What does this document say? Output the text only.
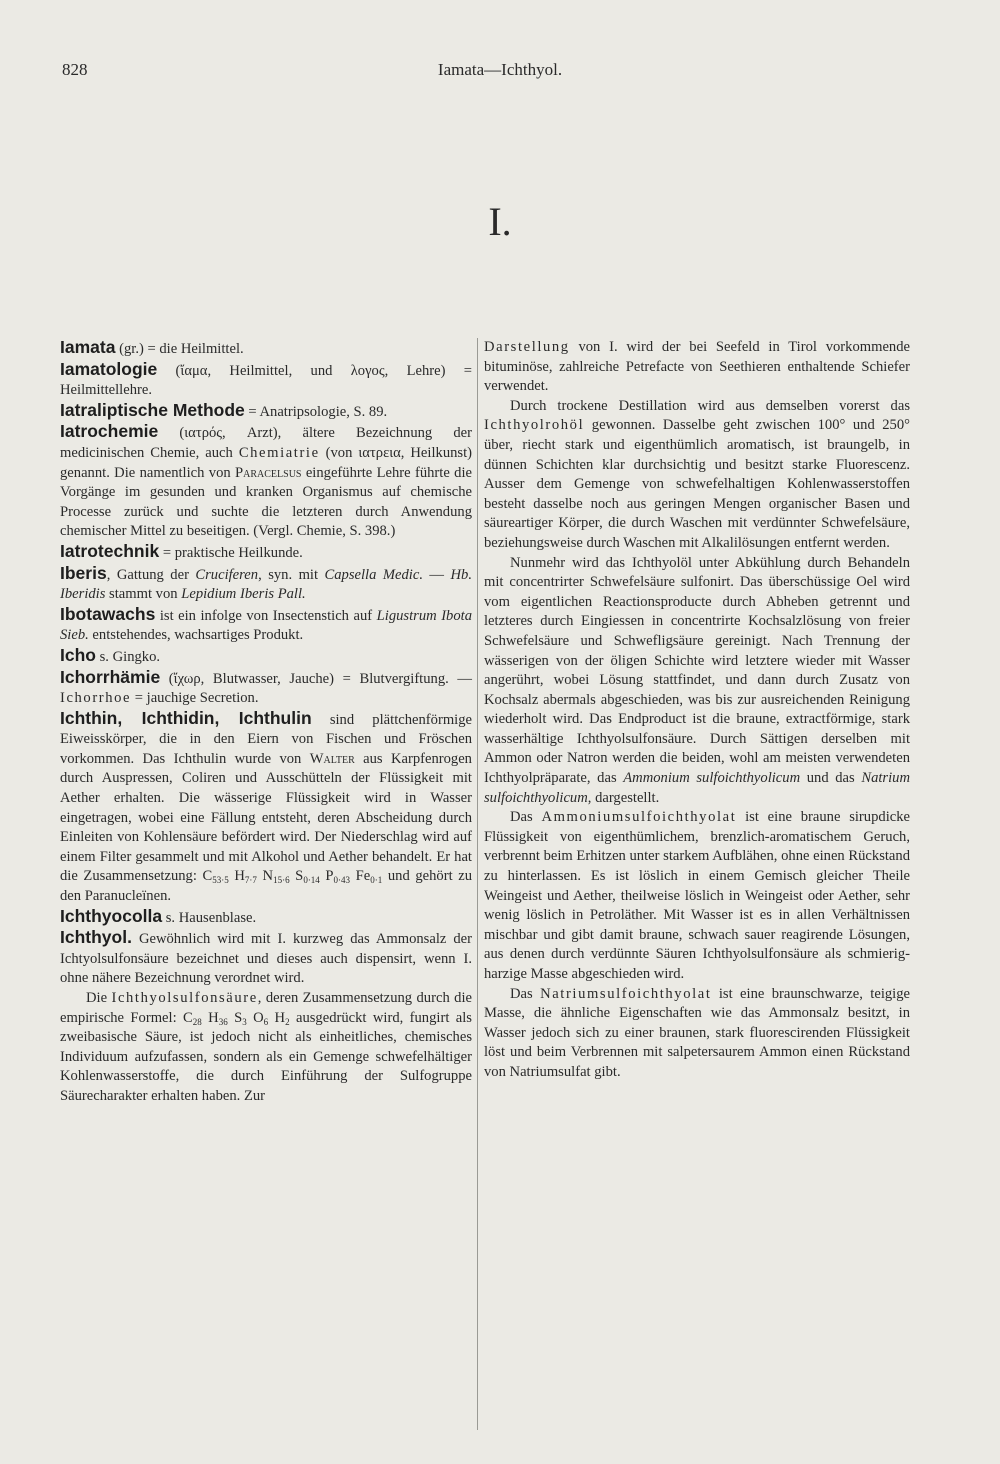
828	Iamata—Ichthyol.
I.

Iamata (gr.) = die Heilmittel.

Iamatologie (ἴαμα, Heilmittel, und λογος, Lehre) = Heilmittellehre.

Iatraliptische Methode = Anatripsologie, S. 89.

Iatrochemie (ιατρός, Arzt), ältere Bezeichnung der medicinischen Chemie, auch Chemiatrie (von ιατρεια, Heilkunst) genannt. Die namentlich von Paracelsus eingeführte Lehre führte die Vorgänge im gesunden und kranken Organismus auf chemische Processe zurück und suchte die letzteren durch Anwendung chemischer Mittel zu beseitigen. (Vergl. Chemie, S. 398.)

Iatrotechnik = praktische Heilkunde.

Iberis, Gattung der Cruciferen, syn. mit Capsella Medic. — Hb. Iberidis stammt von Lepidium Iberis Pall.

Ibotawachs ist ein infolge von Insectenstich auf Ligustrum Ibota Sieb. entstehendes, wachsartiges Produkt.

Icho s. Gingko.

Ichorrhämie (ἴχωρ, Blutwasser, Jauche) = Blutvergiftung. — Ichorrhoe = jauchige Secretion.

Ichthin, Ichthidin, Ichthulin sind plättchenförmige Eiweisskörper, die in den Eiern von Fischen und Fröschen vorkommen. Das Ichthulin wurde von Walter aus Karpfenrogen durch Auspressen, Coliren und Ausschütteln der Flüssigkeit mit Aether erhalten. Die wässerige Flüssigkeit wird in Wasser eingetragen, wobei eine Fällung entsteht, deren Abscheidung durch Einleiten von Kohlensäure befördert wird. Der Niederschlag wird auf einem Filter gesammelt und mit Alkohol und Aether behandelt. Er hat die Zusammensetzung: $C_{53\cdot 5}$ $H_{7\cdot 7}$ $N_{15\cdot 6}$ $S_{0\cdot 14}$ $P_{0\cdot 43}$ $Fe_{0\cdot 1}$ und gehört zu den Paranucleïnen.

Ichthyocolla s. Hausenblase.

Ichthyol. Gewöhnlich wird mit I. kurzweg das Ammonsalz der Ichtyolsulfonsäure bezeichnet und dieses auch dispensirt, wenn I. ohne nähere Bezeichnung verordnet wird.

Die Ichthyolsulfonsäure, deren Zusammensetzung durch die empirische Formel: $C_{28}$ $H_{36}$ $S_3$ $O_6$ $H_2$ ausgedrückt wird, fungirt als zweibasische Säure, ist jedoch nicht als einheitliches, chemisches Individuum aufzufassen, sondern als ein Gemenge schwefelhältiger Kohlenwasserstoffe, die durch Einführung der Sulfogruppe Säurecharakter erhalten haben. Zur

Darstellung von I. wird der bei Seefeld in Tirol vorkommende bituminöse, zahlreiche Petrefacte von Seethieren enthaltende Schiefer verwendet.

Durch trockene Destillation wird aus demselben vorerst das Ichthyolrohöl gewonnen. Dasselbe geht zwischen 100° und 250° über, riecht stark und eigenthümlich aromatisch, ist braungelb, in dünnen Schichten klar durchsichtig und besitzt starke Fluorescenz. Ausser dem Gemenge von schwefelhaltigen Kohlenwasserstoffen besteht dasselbe noch aus geringen Mengen organischer Basen und säureartiger Körper, die durch Waschen mit verdünnter Schwefelsäure, beziehungsweise durch Waschen mit Alkalilösungen entfernt werden.

Nunmehr wird das Ichthyolöl unter Abkühlung durch Behandeln mit concentrirter Schwefelsäure sulfonirt. Das überschüssige Oel wird vom eigentlichen Reactionsproducte durch Abheben getrennt und letzteres durch Eingiessen in concentrirte Kochsalzlösung von freier Schwefelsäure und Schwefligsäure gereinigt. Nach Trennung der wässerigen von der öligen Schichte wird letztere wieder mit Wasser angerührt, wobei Lösung stattfindet, und dann durch Zusatz von Kochsalz abermals abgeschieden, was bis zur ausreichenden Reinigung wiederholt wird. Das Endproduct ist die braune, extractförmige, stark wasserhältige Ichthyolsulfonsäure. Durch Sättigen derselben mit Ammon oder Natron werden die beiden, wohl am meisten verwendeten Ichthyolpräparate, das Ammonium sulfoichthyolicum und das Natrium sulfoichthyolicum, dargestellt.

Das Ammoniumsulfoichthyolat ist eine braune sirupdicke Flüssigkeit von eigenthümlichem, brenzlich-aromatischem Geruch, verbrennt beim Erhitzen unter starkem Aufblähen, ohne einen Rückstand zu hinterlassen. Es ist löslich in einem Gemisch gleicher Theile Weingeist und Aether, theilweise löslich in Weingeist oder Aether, sehr wenig löslich in Petroläther. Mit Wasser ist es in allen Verhältnissen mischbar und gibt damit braune, schwach sauer reagirende Lösungen, aus denen durch verdünnte Säuren Ichthyolsulfonsäure als schmierig-harzige Masse abgeschieden wird.

Das Natriumsulfoichthyolat ist eine braunschwarze, teigige Masse, die ähnliche Eigenschaften wie das Ammonsalz besitzt, in Wasser jedoch sich zu einer braunen, stark fluorescirenden Flüssigkeit löst und beim Verbrennen mit salpetersaurem Ammon einen Rückstand von Natriumsulfat gibt.
